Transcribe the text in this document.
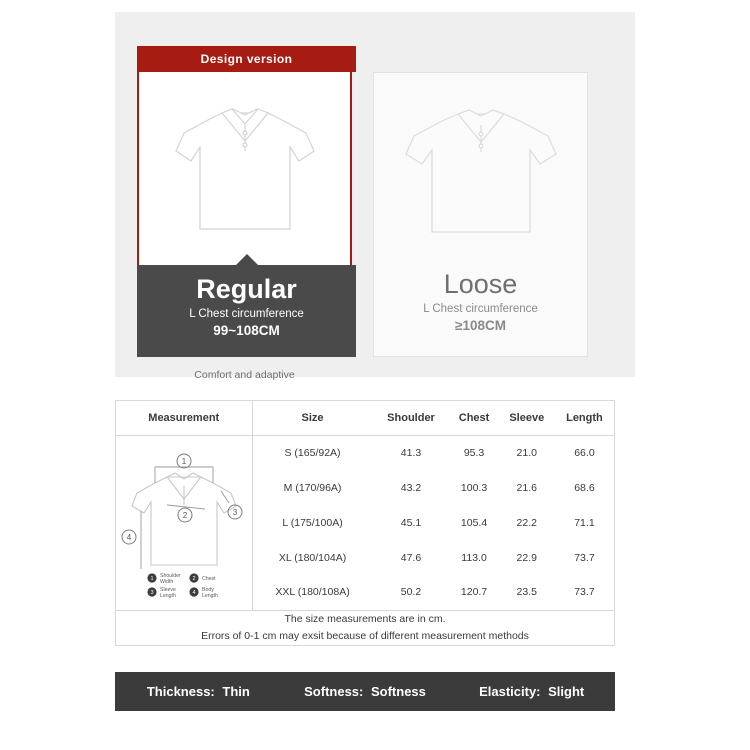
Design version
Regular
L Chest circumference
99~108CM
Comfort and adaptive
Loose
L Chest circumference
≥108CM
Measurement	Size	Shoulder	Chest	Sleeve	Length

1
2	3
4
1 Shoulder
Width	2 Chest
3 Sleeve
Length	4 Body
Length
	S (165/92A)	41.3	95.3	21.0	66.0
	M (170/96A)	43.2	100.3	21.6	68.6
	L (175/100A)	45.1	105.4	22.2	71.1
	XL (180/104A)	47.6	113.0	22.9	73.7
	XXL (180/108A)	50.2	120.7	23.5	73.7

The size measurements are in cm.
Errors of 0-1 cm may exsit because of different measurement methods					
Thickness: Thin	Softness: Softness	Elasticity: Slight
